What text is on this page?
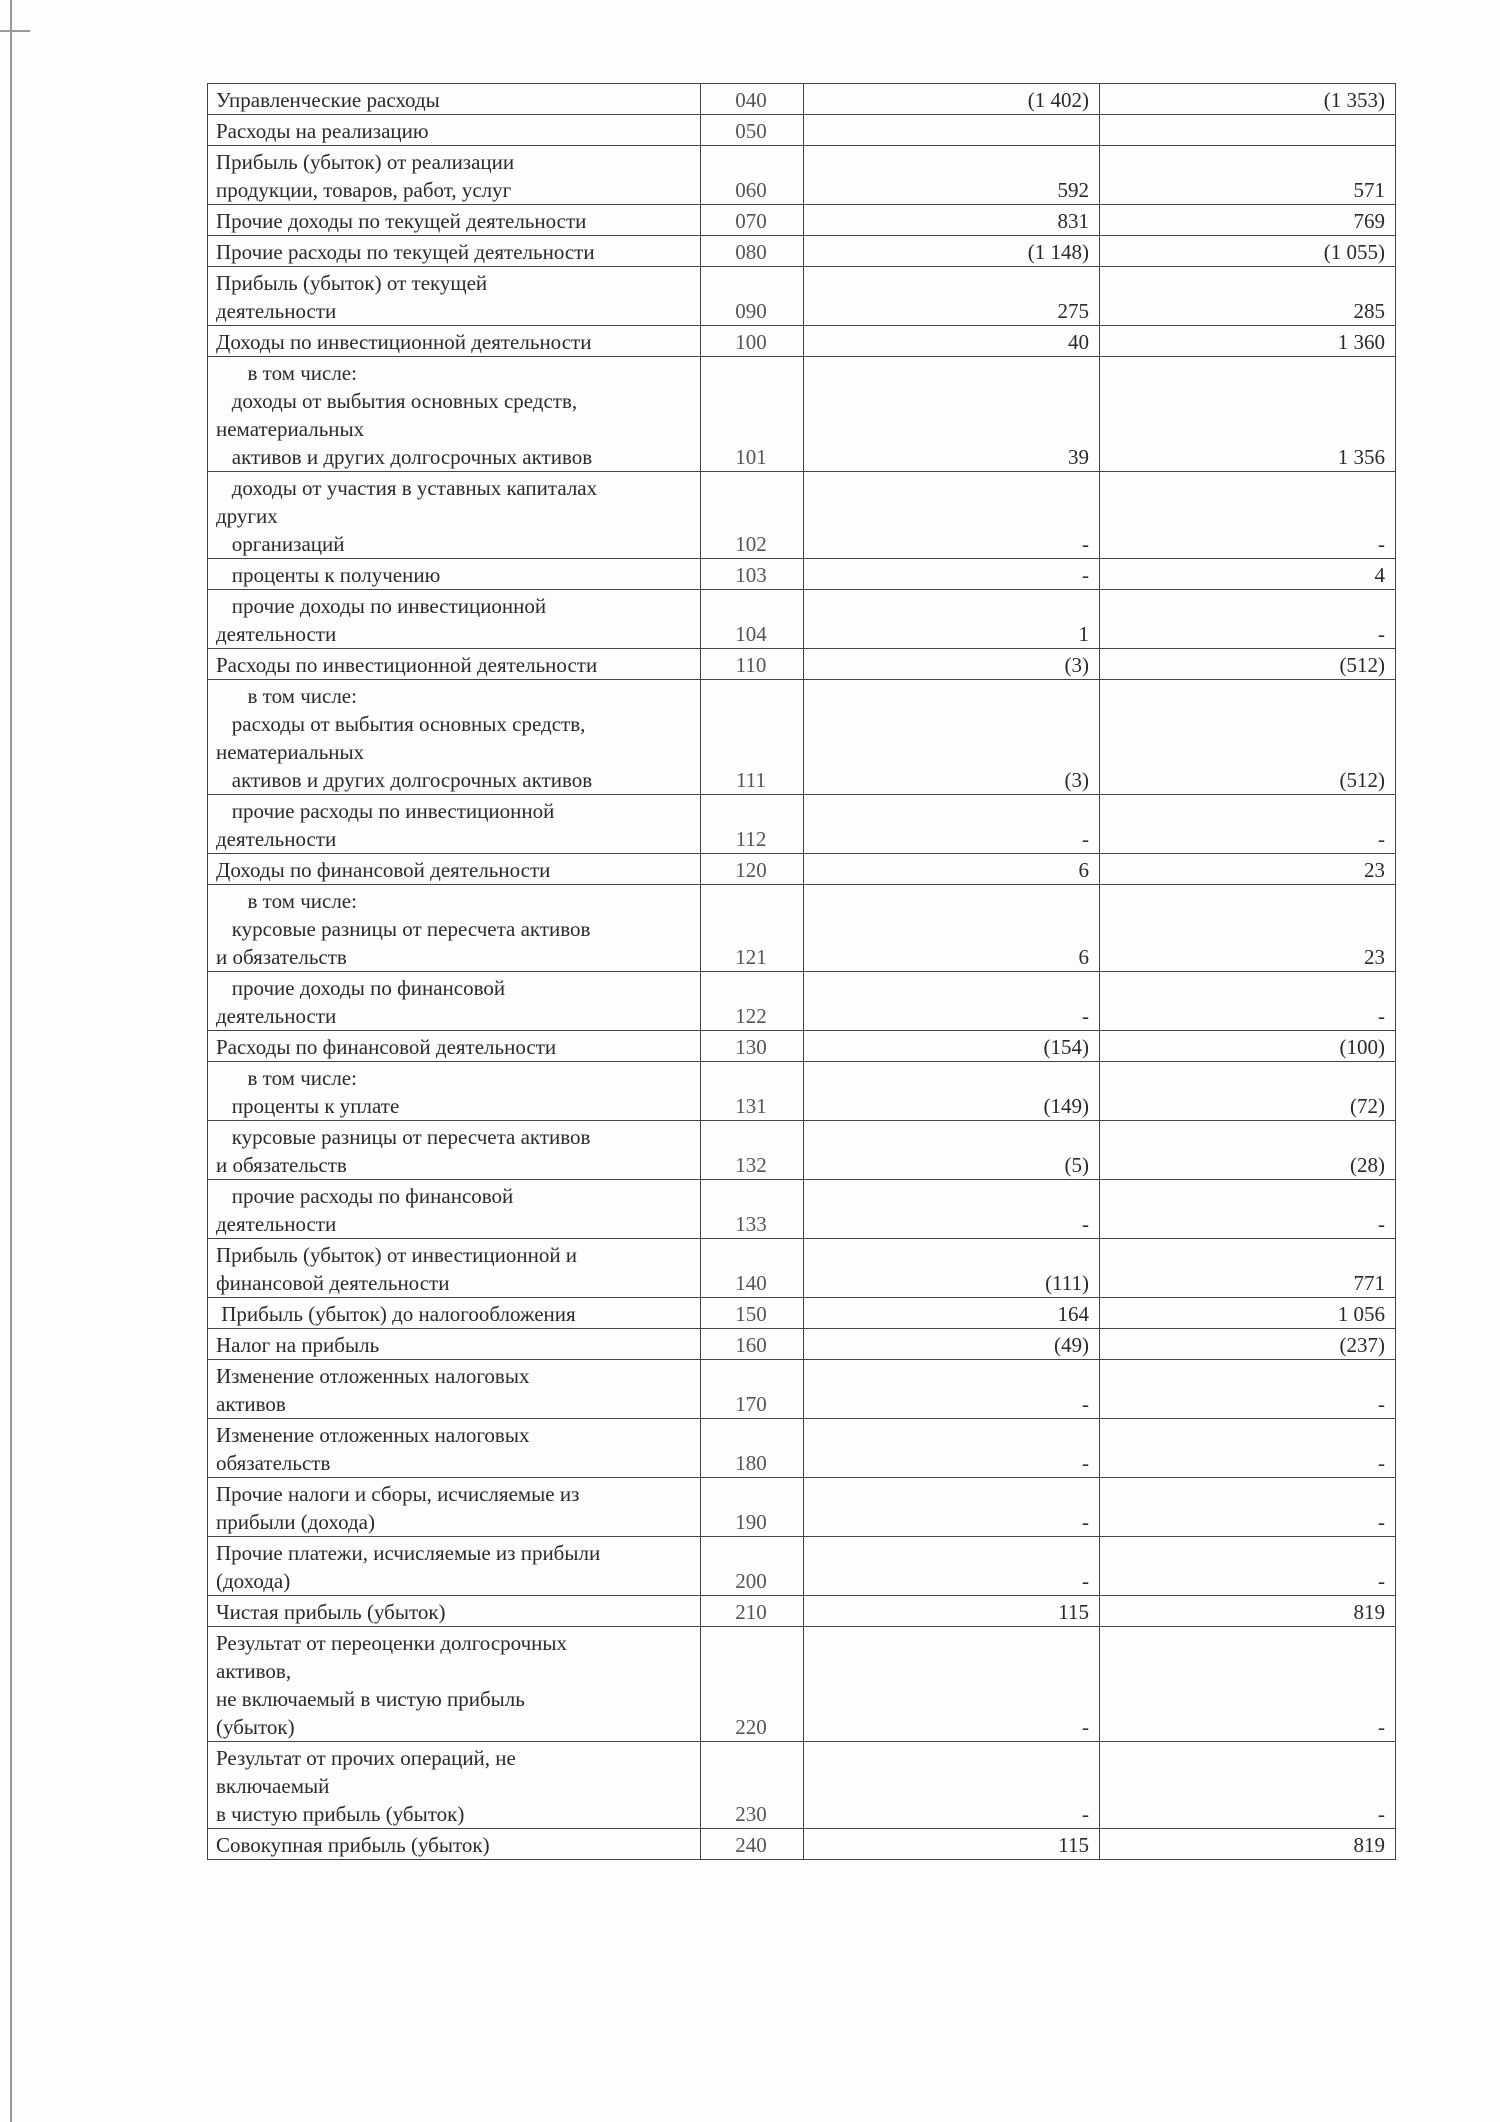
Управленческие расходы	040	(1 402)	(1 353)

Расходы на реализацию	050		

Прибыль (убыток) от реализации
продукции, товаров, работ, услуг	060	592	571

Прочие доходы по текущей деятельности	070	831	769

Прочие расходы по текущей деятельности	080	(1 148)	(1 055)

Прибыль (убыток) от текущей
деятельности	090	275	285

Доходы по инвестиционной деятельности	100	40	1 360

в том числе:
доходы от выбытия основных средств,
нематериальных
активов и других долгосрочных активов	101	39	1 356

доходы от участия в уставных капиталах
других
организаций	102	-	-

проценты к получению	103	-	4

прочие доходы по инвестиционной
деятельности	104	1	-

Расходы по инвестиционной деятельности	110	(3)	(512)

в том числе:
расходы от выбытия основных средств,
нематериальных
активов и других долгосрочных активов	111	(3)	(512)

прочие расходы по инвестиционной
деятельности	112	-	-

Доходы по финансовой деятельности	120	6	23

в том числе:
курсовые разницы от пересчета активов
и обязательств	121	6	23

прочие доходы по финансовой
деятельности	122	-	-

Расходы по финансовой деятельности	130	(154)	(100)

в том числе:
проценты к уплате	131	(149)	(72)

курсовые разницы от пересчета активов
и обязательств	132	(5)	(28)

прочие расходы по финансовой
деятельности	133	-	-

Прибыль (убыток) от инвестиционной и
финансовой деятельности	140	(111)	771

Прибыль (убыток) до налогообложения	150	164	1 056

Налог на прибыль	160	(49)	(237)

Изменение отложенных налоговых
активов	170	-	-

Изменение отложенных налоговых
обязательств	180	-	-

Прочие налоги и сборы, исчисляемые из
прибыли (дохода)	190	-	-

Прочие платежи, исчисляемые из прибыли
(дохода)	200	-	-

Чистая прибыль (убыток)	210	115	819

Результат от переоценки долгосрочных
активов,
не включаемый в чистую прибыль
(убыток)	220	-	-

Результат от прочих операций, не
включаемый
в чистую прибыль (убыток)	230	-	-

Совокупная прибыль (убыток)	240	115	819
